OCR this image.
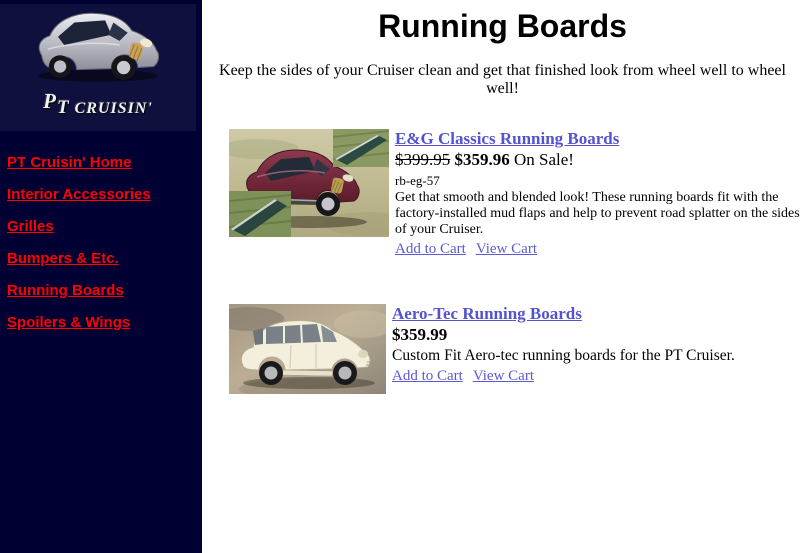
PT CRUISIN'
PT Cruisin' Home
Interior Accessories
Grilles
Bumpers & Etc.
Running Boards
Spoilers & Wings
Running Boards

Keep the sides of your Cruiser clean and get that finished look from wheel well to wheel well!

E&G Classics Running Boards
$399.95 $359.96 On Sale!
rb-eg-57
Get that smooth and blended look! These running boards fit with the factory-installed mud flaps and help to prevent road splatter on the sides of your Cruiser.
Add to Cart View Cart
Aero-Tec Running Boards
$359.99
Custom Fit Aero-tec running boards for the PT Cruiser.
Add to Cart View Cart
